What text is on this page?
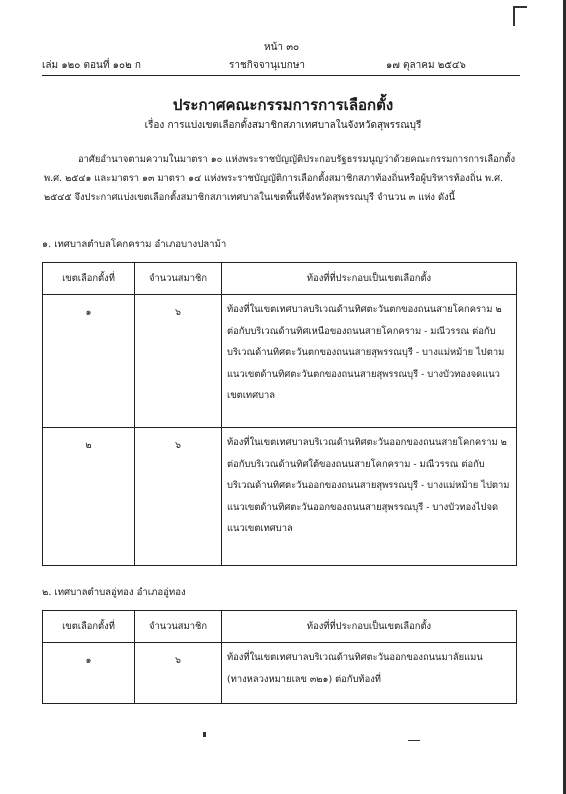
หน้า ๓๐
เล่ม ๑๒๐ ตอนที่ ๑๐๒ ก	ราชกิจจานุเบกษา	๑๗ ตุลาคม ๒๕๔๖
ประกาศคณะกรรมการการเลือกตั้ง
เรื่อง การแบ่งเขตเลือกตั้งสมาชิกสภาเทศบาลในจังหวัดสุพรรณบุรี
อาศัยอำนาจตามความในมาตรา ๑๐ แห่งพระราชบัญญัติประกอบรัฐธรรมนูญว่าด้วยคณะกรรมการการเลือกตั้ง พ.ศ. ๒๕๔๑ และมาตรา ๑๓ มาตรา ๑๔ แห่งพระราชบัญญัติการเลือกตั้งสมาชิกสภาท้องถิ่นหรือผู้บริหารท้องถิ่น พ.ศ. ๒๕๔๕ จึงประกาศแบ่งเขตเลือกตั้งสมาชิกสภาเทศบาลในเขตพื้นที่จังหวัดสุพรรณบุรี จำนวน ๓ แห่ง ดังนี้
๑. เทศบาลตำบลโคกคราม อำเภอบางปลาม้า
เขตเลือกตั้งที่	จำนวนสมาชิก	ท้องที่ที่ประกอบเป็นเขตเลือกตั้ง
๑	๖	ท้องที่ในเขตเทศบาลบริเวณด้านทิศตะวันตกของถนนสายโคกคราม ๒ ต่อกับบริเวณด้านทิศเหนือของถนนสายโคกคราม - มณีวรรณ ต่อกับบริเวณด้านทิศตะวันตกของถนนสายสุพรรณบุรี - บางแม่หม้าย ไปตามแนวเขตด้านทิศตะวันตกของถนนสายสุพรรณบุรี - บางบัวทองจดแนวเขตเทศบาล
๒	๖	ท้องที่ในเขตเทศบาลบริเวณด้านทิศตะวันออกของถนนสายโคกคราม ๒ ต่อกับบริเวณด้านทิศใต้ของถนนสายโคกคราม - มณีวรรณ ต่อกับบริเวณด้านทิศตะวันออกของถนนสายสุพรรณบุรี - บางแม่หม้าย ไปตามแนวเขตด้านทิศตะวันออกของถนนสายสุพรรณบุรี - บางบัวทองไปจดแนวเขตเทศบาล
๒. เทศบาลตำบลอู่ทอง อำเภออู่ทอง
เขตเลือกตั้งที่	จำนวนสมาชิก	ท้องที่ที่ประกอบเป็นเขตเลือกตั้ง
๑	๖	ท้องที่ในเขตเทศบาลบริเวณด้านทิศตะวันออกของถนนมาลัยแมน (ทางหลวงหมายเลข ๓๒๑) ต่อกับท้องที่
